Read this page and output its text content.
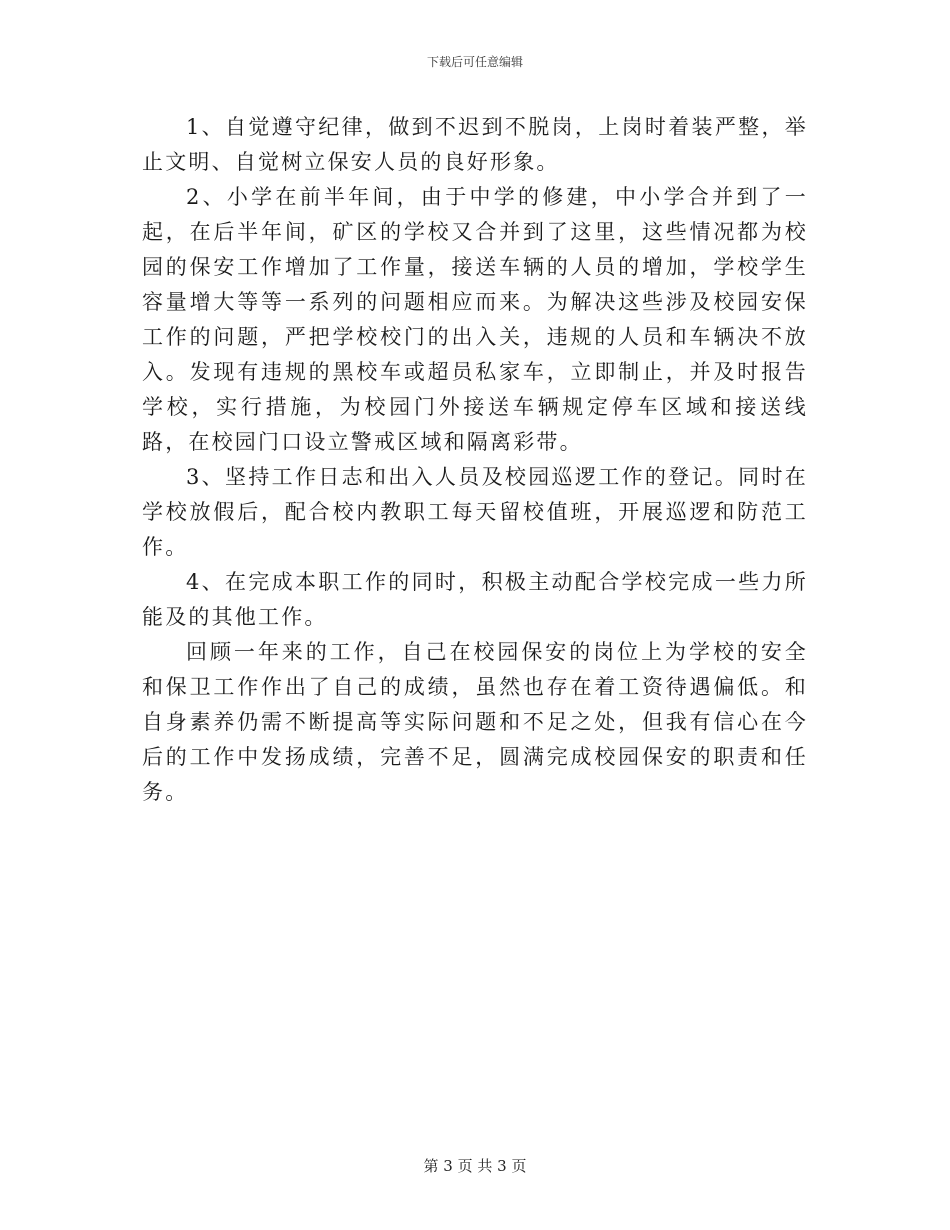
下载后可任意编辑

1、自觉遵守纪律，做到不迟到不脱岗，上岗时着装严整，举止文明、自觉树立保安人员的良好形象。

2、小学在前半年间，由于中学的修建，中小学合并到了一起，在后半年间，矿区的学校又合并到了这里，这些情况都为校园的保安工作增加了工作量，接送车辆的人员的增加，学校学生容量增大等等一系列的问题相应而来。为解决这些涉及校园安保工作的问题，严把学校校门的出入关，违规的人员和车辆决不放入。发现有违规的黑校车或超员私家车，立即制止，并及时报告学校，实行措施，为校园门外接送车辆规定停车区域和接送线路，在校园门口设立警戒区域和隔离彩带。

3、坚持工作日志和出入人员及校园巡逻工作的登记。同时在学校放假后，配合校内教职工每天留校值班，开展巡逻和防范工作。

4、在完成本职工作的同时，积极主动配合学校完成一些力所能及的其他工作。

回顾一年来的工作，自己在校园保安的岗位上为学校的安全和保卫工作作出了自己的成绩，虽然也存在着工资待遇偏低。和自身素养仍需不断提高等实际问题和不足之处，但我有信心在今后的工作中发扬成绩，完善不足，圆满完成校园保安的职责和任务。

第 3 页 共 3 页
